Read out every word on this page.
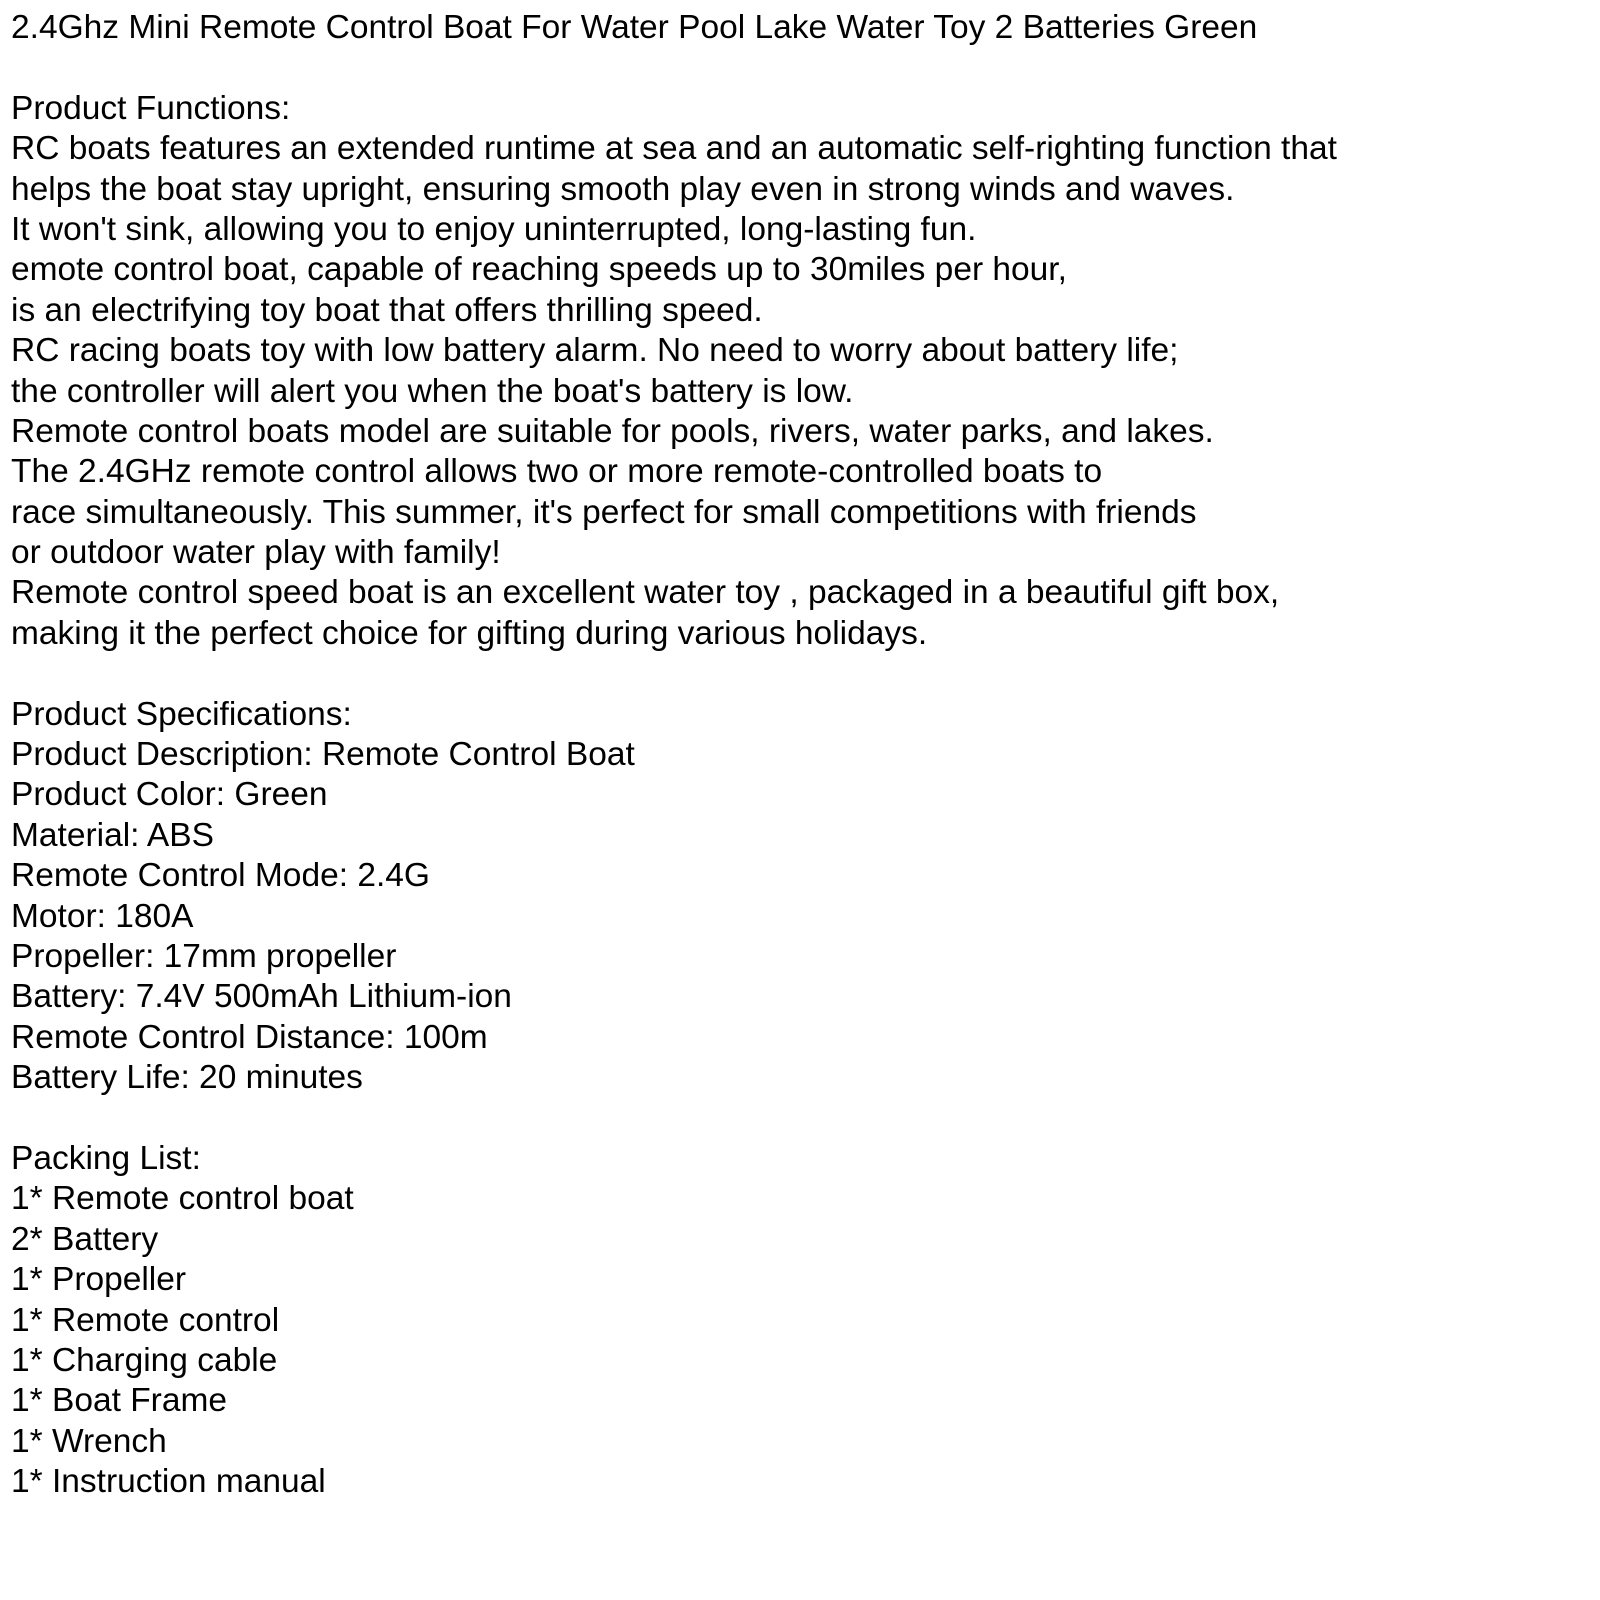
2.4Ghz Mini Remote Control Boat For Water Pool Lake Water Toy 2 Batteries Green
Product Functions:
RC boats features an extended runtime at sea and an automatic self-righting function that
helps the boat stay upright, ensuring smooth play even in strong winds and waves.
It won't sink, allowing you to enjoy uninterrupted, long-lasting fun.
emote control boat, capable of reaching speeds up to 30miles per hour,
is an electrifying toy boat that offers thrilling speed.
RC racing boats toy with low battery alarm. No need to worry about battery life;
the controller will alert you when the boat's battery is low.
Remote control boats model are suitable for pools, rivers, water parks, and lakes.
The 2.4GHz remote control allows two or more remote-controlled boats to
race simultaneously. This summer, it's perfect for small competitions with friends
or outdoor water play with family!
Remote control speed boat is an excellent water toy , packaged in a beautiful gift box,
making it the perfect choice for gifting during various holidays.
Product Specifications:
Product Description: Remote Control Boat
Product Color: Green
Material: ABS
Remote Control Mode: 2.4G
Motor: 180A
Propeller: 17mm propeller
Battery: 7.4V 500mAh Lithium-ion
Remote Control Distance: 100m
Battery Life: 20 minutes
Packing List:
1* Remote control boat
2* Battery
1* Propeller
1* Remote control
1* Charging cable
1* Boat Frame
1* Wrench
1* Instruction manual
